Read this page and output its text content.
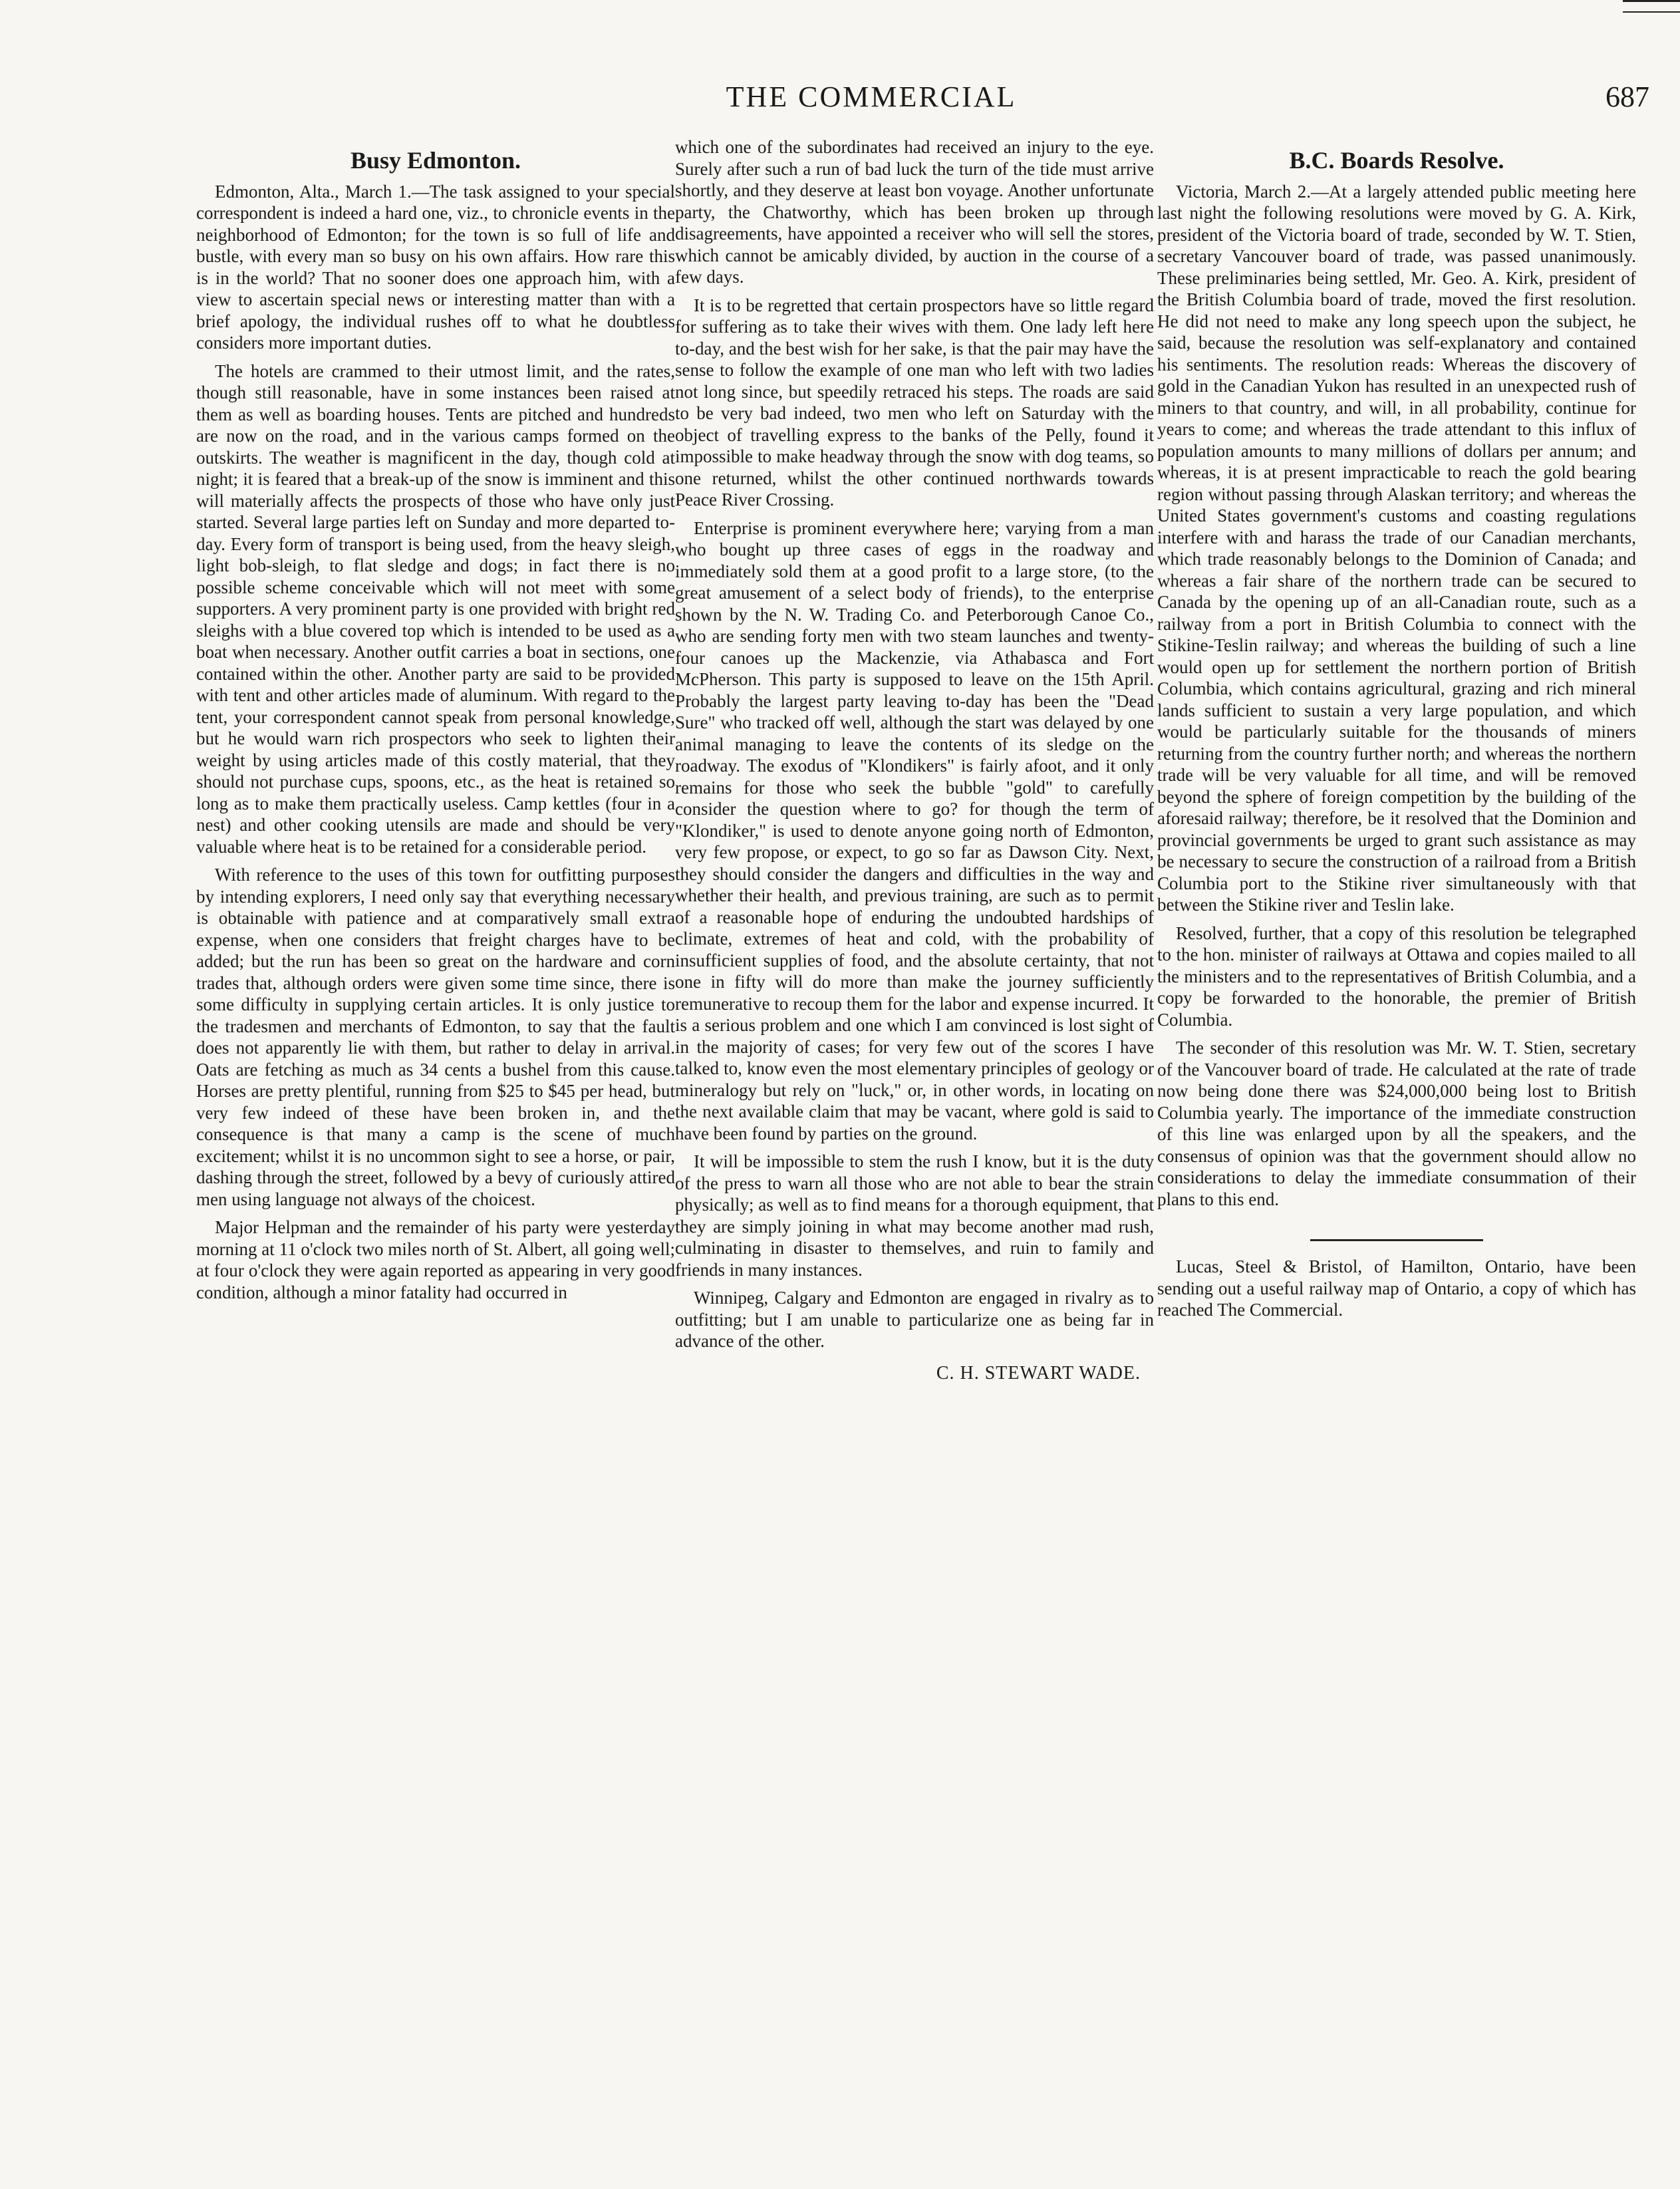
THE COMMERCIAL	687
Busy Edmonton.

Edmonton, Alta., March 1.—The task assigned to your special correspondent is indeed a hard one, viz., to chronicle events in the neighborhood of Edmonton; for the town is so full of life and bustle, with every man so busy on his own affairs. How rare this is in the world? That no sooner does one approach him, with a view to ascertain special news or interesting matter than with a brief apology, the individual rushes off to what he doubtless considers more important duties.

The hotels are crammed to their utmost limit, and the rates, though still reasonable, have in some instances been raised at them as well as boarding houses. Tents are pitched and hundreds are now on the road, and in the various camps formed on the outskirts. The weather is magnificent in the day, though cold at night; it is feared that a break-up of the snow is imminent and this will materially affects the prospects of those who have only just started. Several large parties left on Sunday and more departed to-day. Every form of transport is being used, from the heavy sleigh, light bob-sleigh, to flat sledge and dogs; in fact there is no possible scheme conceivable which will not meet with some supporters. A very prominent party is one provided with bright red sleighs with a blue covered top which is intended to be used as a boat when necessary. Another outfit carries a boat in sections, one contained within the other. Another party are said to be provided with tent and other articles made of aluminum. With regard to the tent, your correspondent cannot speak from personal knowledge, but he would warn rich prospectors who seek to lighten their weight by using articles made of this costly material, that they should not purchase cups, spoons, etc., as the heat is retained so long as to make them practically useless. Camp kettles (four in a nest) and other cooking utensils are made and should be very valuable where heat is to be retained for a considerable period.

With reference to the uses of this town for outfitting purposes by intending explorers, I need only say that everything necessary is obtainable with patience and at comparatively small extra expense, when one considers that freight charges have to be added; but the run has been so great on the hardware and corn trades that, although orders were given some time since, there is some difficulty in supplying certain articles. It is only justice to the tradesmen and merchants of Edmonton, to say that the fault does not apparently lie with them, but rather to delay in arrival. Oats are fetching as much as 34 cents a bushel from this cause. Horses are pretty plentiful, running from $25 to $45 per head, but very few indeed of these have been broken in, and the consequence is that many a camp is the scene of much excitement; whilst it is no uncommon sight to see a horse, or pair, dashing through the street, followed by a bevy of curiously attired men using language not always of the choicest.

Major Helpman and the remainder of his party were yesterday morning at 11 o'clock two miles north of St. Albert, all going well; at four o'clock they were again reported as appearing in very good condition, although a minor fatality had occurred in

which one of the subordinates had received an injury to the eye. Surely after such a run of bad luck the turn of the tide must arrive shortly, and they deserve at least bon voyage. Another unfortunate party, the Chatworthy, which has been broken up through disagreements, have appointed a receiver who will sell the stores, which cannot be amicably divided, by auction in the course of a few days.

It is to be regretted that certain prospectors have so little regard for suffering as to take their wives with them. One lady left here to-day, and the best wish for her sake, is that the pair may have the sense to follow the example of one man who left with two ladies not long since, but speedily retraced his steps. The roads are said to be very bad indeed, two men who left on Saturday with the object of travelling express to the banks of the Pelly, found it impossible to make headway through the snow with dog teams, so one returned, whilst the other continued northwards towards Peace River Crossing.

Enterprise is prominent everywhere here; varying from a man who bought up three cases of eggs in the roadway and immediately sold them at a good profit to a large store, (to the great amusement of a select body of friends), to the enterprise shown by the N. W. Trading Co. and Peterborough Canoe Co., who are sending forty men with two steam launches and twenty-four canoes up the Mackenzie, via Athabasca and Fort McPherson. This party is supposed to leave on the 15th April. Probably the largest party leaving to-day has been the "Dead Sure" who tracked off well, although the start was delayed by one animal managing to leave the contents of its sledge on the roadway. The exodus of "Klondikers" is fairly afoot, and it only remains for those who seek the bubble "gold" to carefully consider the question where to go? for though the term of "Klondiker," is used to denote anyone going north of Edmonton, very few propose, or expect, to go so far as Dawson City. Next, they should consider the dangers and difficulties in the way and whether their health, and previous training, are such as to permit of a reasonable hope of enduring the undoubted hardships of climate, extremes of heat and cold, with the probability of insufficient supplies of food, and the absolute certainty, that not one in fifty will do more than make the journey sufficiently remunerative to recoup them for the labor and expense incurred. It is a serious problem and one which I am convinced is lost sight of in the majority of cases; for very few out of the scores I have talked to, know even the most elementary principles of geology or mineralogy but rely on "luck," or, in other words, in locating on the next available claim that may be vacant, where gold is said to have been found by parties on the ground.

It will be impossible to stem the rush I know, but it is the duty of the press to warn all those who are not able to bear the strain physically; as well as to find means for a thorough equipment, that they are simply joining in what may become another mad rush, culminating in disaster to themselves, and ruin to family and friends in many instances.

Winnipeg, Calgary and Edmonton are engaged in rivalry as to outfitting; but I am unable to particularize one as being far in advance of the other.

C. H. STEWART WADE.
B.C. Boards Resolve.

Victoria, March 2.—At a largely attended public meeting here last night the following resolutions were moved by G. A. Kirk, president of the Victoria board of trade, seconded by W. T. Stien, secretary Vancouver board of trade, was passed unanimously. These preliminaries being settled, Mr. Geo. A. Kirk, president of the British Columbia board of trade, moved the first resolution. He did not need to make any long speech upon the subject, he said, because the resolution was self-explanatory and contained his sentiments. The resolution reads: Whereas the discovery of gold in the Canadian Yukon has resulted in an unexpected rush of miners to that country, and will, in all probability, continue for years to come; and whereas the trade attendant to this influx of population amounts to many millions of dollars per annum; and whereas, it is at present impracticable to reach the gold bearing region without passing through Alaskan territory; and whereas the United States government's customs and coasting regulations interfere with and harass the trade of our Canadian merchants, which trade reasonably belongs to the Dominion of Canada; and whereas a fair share of the northern trade can be secured to Canada by the opening up of an all-Canadian route, such as a railway from a port in British Columbia to connect with the Stikine-Teslin railway; and whereas the building of such a line would open up for settlement the northern portion of British Columbia, which contains agricultural, grazing and rich mineral lands sufficient to sustain a very large population, and which would be particularly suitable for the thousands of miners returning from the country further north; and whereas the northern trade will be very valuable for all time, and will be removed beyond the sphere of foreign competition by the building of the aforesaid railway; therefore, be it resolved that the Dominion and provincial governments be urged to grant such assistance as may be necessary to secure the construction of a railroad from a British Columbia port to the Stikine river simultaneously with that between the Stikine river and Teslin lake.

Resolved, further, that a copy of this resolution be telegraphed to the hon. minister of railways at Ottawa and copies mailed to all the ministers and to the representatives of British Columbia, and a copy be forwarded to the honorable, the premier of British Columbia.

The seconder of this resolution was Mr. W. T. Stien, secretary of the Vancouver board of trade. He calculated at the rate of trade now being done there was $24,000,000 being lost to British Columbia yearly. The importance of the immediate construction of this line was enlarged upon by all the speakers, and the consensus of opinion was that the government should allow no considerations to delay the immediate consummation of their plans to this end.

Lucas, Steel & Bristol, of Hamilton, Ontario, have been sending out a useful railway map of Ontario, a copy of which has reached The Commercial.
